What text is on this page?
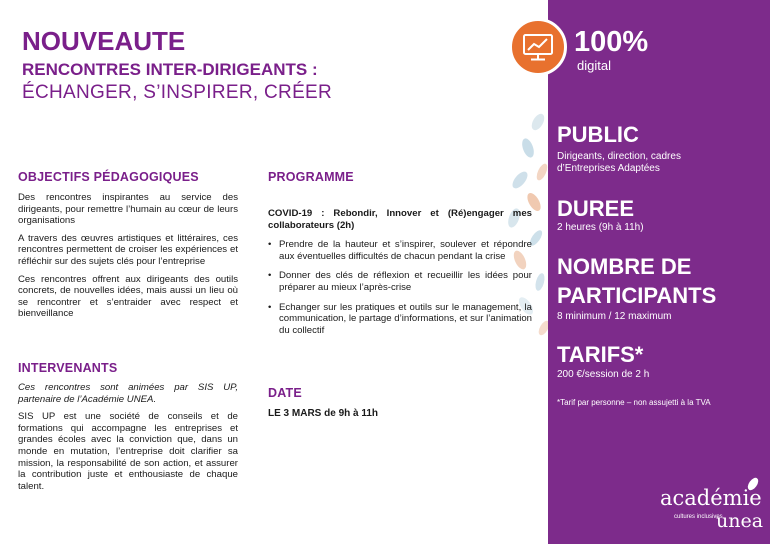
NOUVEAUTE
RENCONTRES INTER-DIRIGEANTS :
ÉCHANGER, S’INSPIRER, CRÉER
OBJECTIFS PÉDAGOGIQUES

Des rencontres inspirantes au service des dirigeants, pour remettre l’humain au cœur de leurs organisations

A travers des œuvres artistiques et littéraires, ces rencontres permettent de croiser les expériences et réfléchir sur des sujets clés pour l’entreprise

Ces rencontres offrent aux dirigeants des outils concrets, de nouvelles idées, mais aussi un lieu où se rencontrer et s’entraider avec respect et bienveillance

INTERVENANTS

Ces rencontres sont animées par SIS UP, partenaire de l’Académie UNEA.

SIS UP est une société de conseils et de formations qui accompagne les entreprises et grandes écoles avec la conviction que, dans un monde en mutation, l’entreprise doit clarifier sa mission, la responsabilité de son action, et assurer la contribution juste et enthousiaste de chaque talent.

PROGRAMME
COVID-19 : Rebondir, Innover et (Ré)engager mes collaborateurs (2h)
• Prendre de la hauteur et s’inspirer, soulever et répondre aux éventuelles difficultés de chacun pendant la crise
• Donner des clés de réflexion et recueillir les idées pour préparer au mieux l’après-crise
• Echanger sur les pratiques et outils sur le management, la communication, le partage d’informations, et sur l’animation du collectif
DATE
LE 3 MARS de 9h à 11h
100%
digital
PUBLIC
Dirigeants, direction, cadres d’Entreprises Adaptées
DUREE
2 heures (9h à 11h)
NOMBRE DE
PARTICIPANTS
8 minimum / 12 maximum
TARIFS*
200 €/session de 2 h
*Tarif par personne – non assujetti à la TVA
académie
cultures inclusives
unea
